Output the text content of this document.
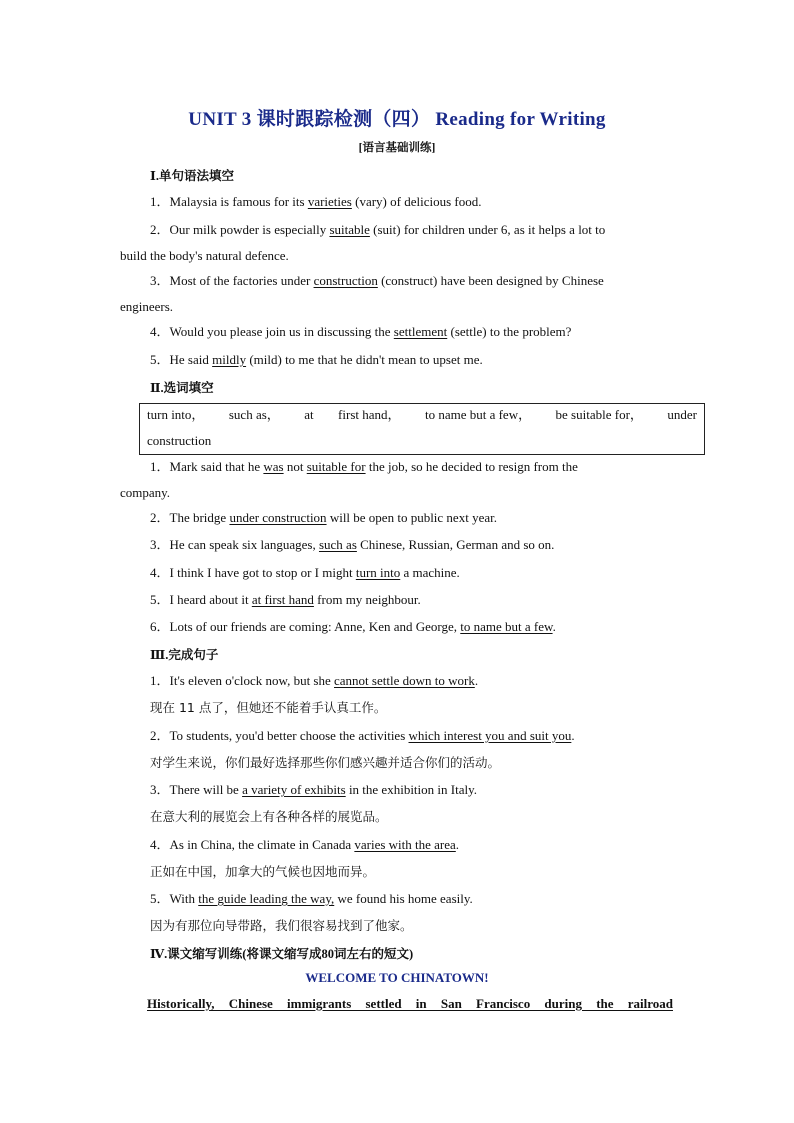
UNIT 3 课时跟踪检测（四） Reading for Writing
[语言基础训练]
Ⅰ.单句语法填空
1．Malaysia is famous for its varieties (vary) of delicious food.
2．Our milk powder is especially suitable (suit) for children under 6, as it helps a lot to
build the body's natural defence.
3．Most of the factories under construction (construct) have been designed by Chinese
engineers.
4．Would you please join us in discussing the settlement (settle) to the problem?
5．He said mildly (mild) to me that he didn't mean to upset me.
Ⅱ.选词填空
turn into， such as， at first hand， to name but a few， be suitable for， under
construction
1．Mark said that he was not suitable for the job, so he decided to resign from the
company.
2．The bridge under construction will be open to public next year.
3．He can speak six languages, such as Chinese, Russian, German and so on.
4．I think I have got to stop or I might turn into a machine.
5．I heard about it at first hand from my neighbour.
6．Lots of our friends are coming: Anne, Ken and George, to name but a few.
Ⅲ.完成句子
1．It's eleven o'clock now, but she cannot settle down to work.
现在 11 点了，但她还不能着手认真工作。
2．To students, you'd better choose the activities which interest you and suit you.
对学生来说，你们最好选择那些你们感兴趣并适合你们的活动。
3．There will be a variety of exhibits in the exhibition in Italy.
在意大利的展览会上有各种各样的展览品。
4．As in China, the climate in Canada varies with the area.
正如在中国，加拿大的气候也因地而异。
5．With the guide leading the way, we found his home easily.
因为有那位向导带路，我们很容易找到了他家。
Ⅳ.课文缩写训练(将课文缩写成80词左右的短文)
WELCOME TO CHINATOWN!
Historically, Chinese immigrants settled in San Francisco during the railroad
